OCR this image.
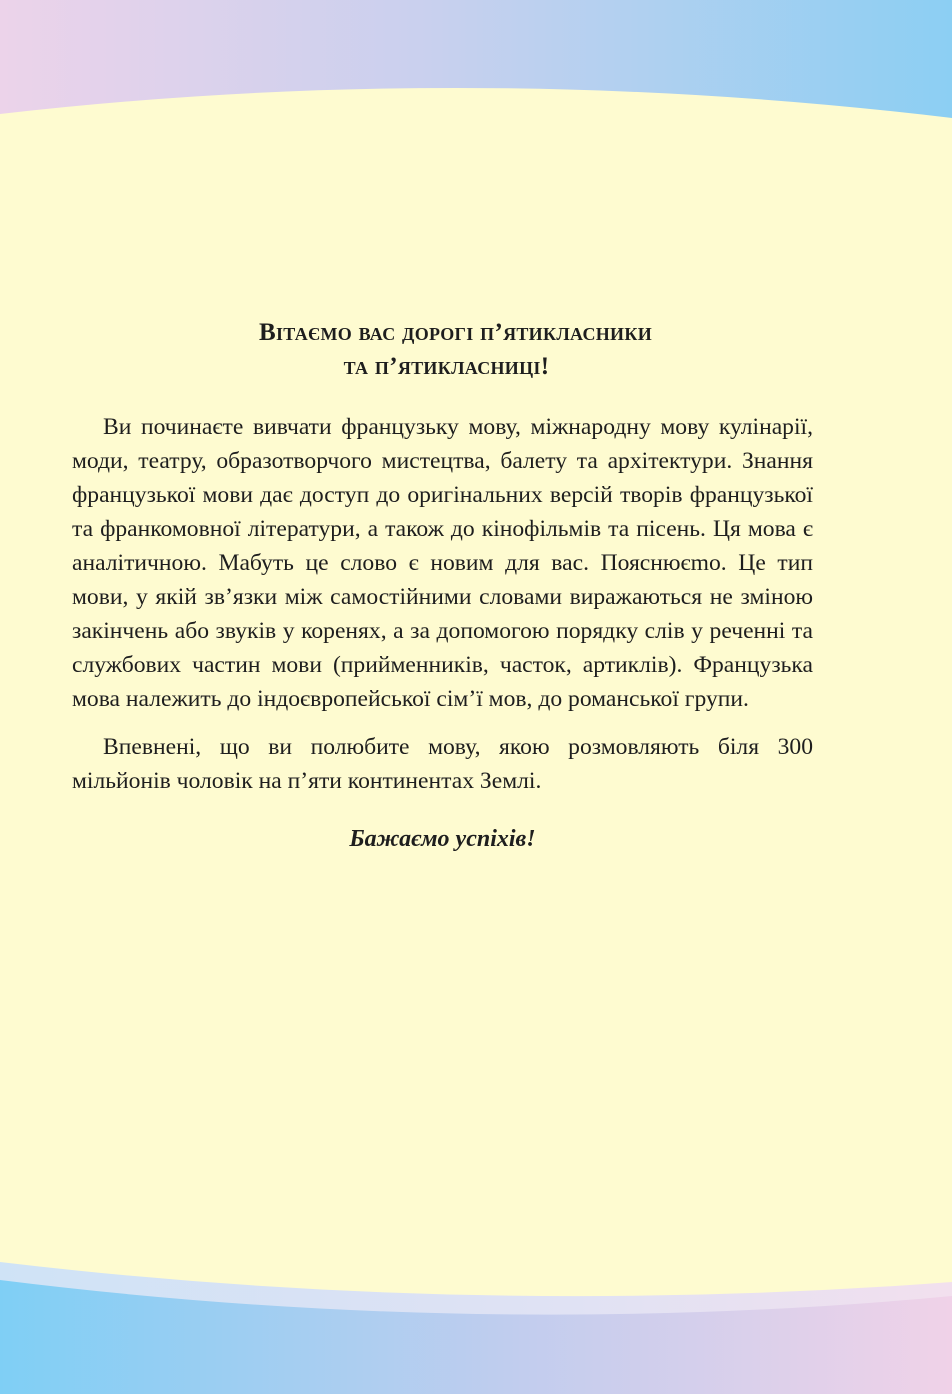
Вітаємо вас дорогі п’ятикласники
та п’ятикласниці!

Ви починаєте вивчати французьку мову, міжнародну мову кулінарії, моди, театру, образотворчого мистецтва, балету та архітектури. Знання французької мови дає доступ до оригінальних версій творів французької та франкомовної літератури, а також до кінофільмів та пісень. Ця мова є аналітичною. Мабуть це слово є новим для вас. Пояснюєmо. Це тип мови, у якій зв’язки між самостійними словами виражаються не зміною закінчень або звуків у коренях, а за допомогою порядку слів у реченні та службових частин мови (прийменників, часток, артиклів). Французька мова належить до індоєвропейської сім’ї мов, до романської групи.

Впевнені, що ви полюбите мову, якою розмовляють біля 300 мільйонів чоловік на п’яти континентах Землі.

Бажаємо успіхів!
